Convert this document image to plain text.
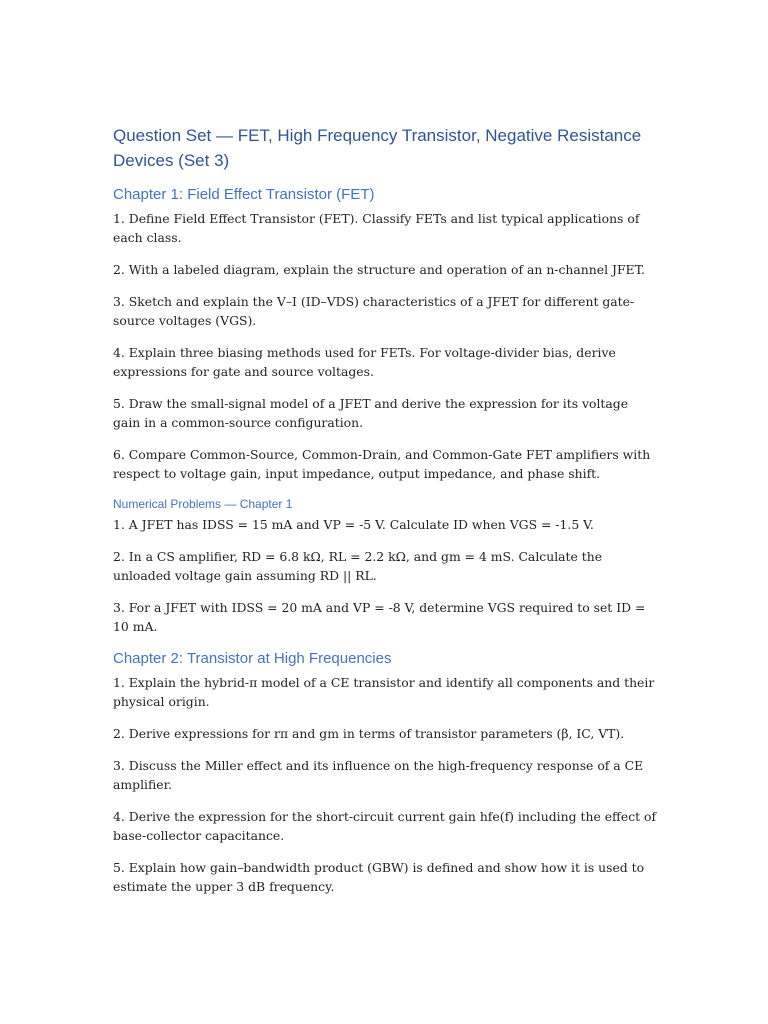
Question Set — FET, High Frequency Transistor, Negative Resistance Devices (Set 3)
Chapter 1: Field Effect Transistor (FET)

1. Define Field Effect Transistor (FET). Classify FETs and list typical applications of each class.

2. With a labeled diagram, explain the structure and operation of an n-channel JFET.

3. Sketch and explain the V–I (ID–VDS) characteristics of a JFET for different gate-source voltages (VGS).

4. Explain three biasing methods used for FETs. For voltage-divider bias, derive expressions for gate and source voltages.

5. Draw the small-signal model of a JFET and derive the expression for its voltage gain in a common-source configuration.

6. Compare Common-Source, Common-Drain, and Common-Gate FET amplifiers with respect to voltage gain, input impedance, output impedance, and phase shift.

Numerical Problems — Chapter 1

1. A JFET has IDSS = 15 mA and VP = -5 V. Calculate ID when VGS = -1.5 V.

2. In a CS amplifier, RD = 6.8 kΩ, RL = 2.2 kΩ, and gm = 4 mS. Calculate the unloaded voltage gain assuming RD || RL.

3. For a JFET with IDSS = 20 mA and VP = -8 V, determine VGS required to set ID = 10 mA.

Chapter 2: Transistor at High Frequencies

1. Explain the hybrid-π model of a CE transistor and identify all components and their physical origin.

2. Derive expressions for rπ and gm in terms of transistor parameters (β, IC, VT).

3. Discuss the Miller effect and its influence on the high-frequency response of a CE amplifier.

4. Derive the expression for the short-circuit current gain hfe(f) including the effect of base-collector capacitance.

5. Explain how gain–bandwidth product (GBW) is defined and show how it is used to estimate the upper 3 dB frequency.
